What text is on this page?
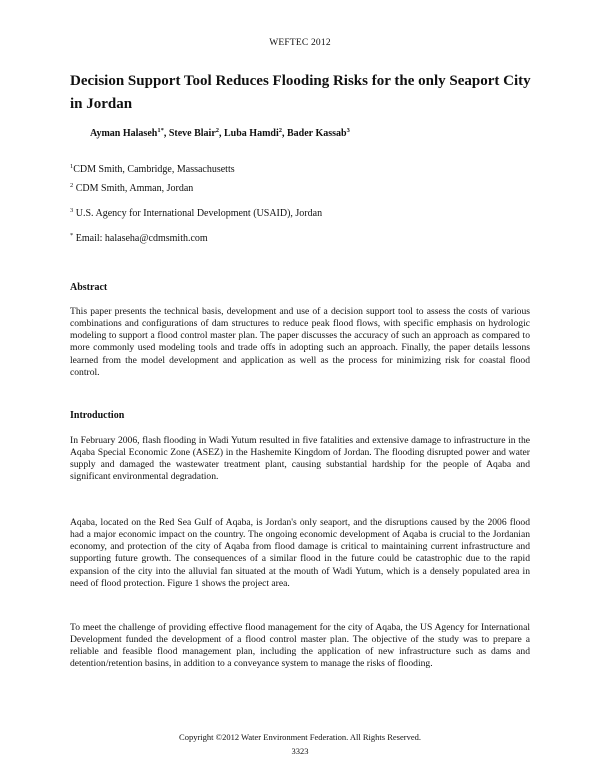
WEFTEC 2012
Decision Support Tool Reduces Flooding Risks for the only Seaport City in Jordan
Ayman Halaseh$^{1*}$, Steve Blair$^2$, Luba Hamdi$^2$, Bader Kassab$^3$
$^1$CDM Smith, Cambridge, Massachusetts
$^2$ CDM Smith, Amman, Jordan
$^3$ U.S. Agency for International Development (USAID), Jordan
* Email: halaseha@cdmsmith.com
Abstract

This paper presents the technical basis, development and use of a decision support tool to assess the costs of various combinations and configurations of dam structures to reduce peak flood flows, with specific emphasis on hydrologic modeling to support a flood control master plan. The paper discusses the accuracy of such an approach as compared to more commonly used modeling tools and trade offs in adopting such an approach. Finally, the paper details lessons learned from the model development and application as well as the process for minimizing risk for coastal flood control.

Introduction

In February 2006, flash flooding in Wadi Yutum resulted in five fatalities and extensive damage to infrastructure in the Aqaba Special Economic Zone (ASEZ) in the Hashemite Kingdom of Jordan. The flooding disrupted power and water supply and damaged the wastewater treatment plant, causing substantial hardship for the people of Aqaba and significant environmental degradation.

Aqaba, located on the Red Sea Gulf of Aqaba, is Jordan's only seaport, and the disruptions caused by the 2006 flood had a major economic impact on the country. The ongoing economic development of Aqaba is crucial to the Jordanian economy, and protection of the city of Aqaba from flood damage is critical to maintaining current infrastructure and supporting future growth. The consequences of a similar flood in the future could be catastrophic due to the rapid expansion of the city into the alluvial fan situated at the mouth of Wadi Yutum, which is a densely populated area in need of flood protection. Figure 1 shows the project area.

To meet the challenge of providing effective flood management for the city of Aqaba, the US Agency for International Development funded the development of a flood control master plan. The objective of the study was to prepare a reliable and feasible flood management plan, including the application of new infrastructure such as dams and detention/retention basins, in addition to a conveyance system to manage the risks of flooding.

Copyright ©2012 Water Environment Federation. All Rights Reserved.
3323
